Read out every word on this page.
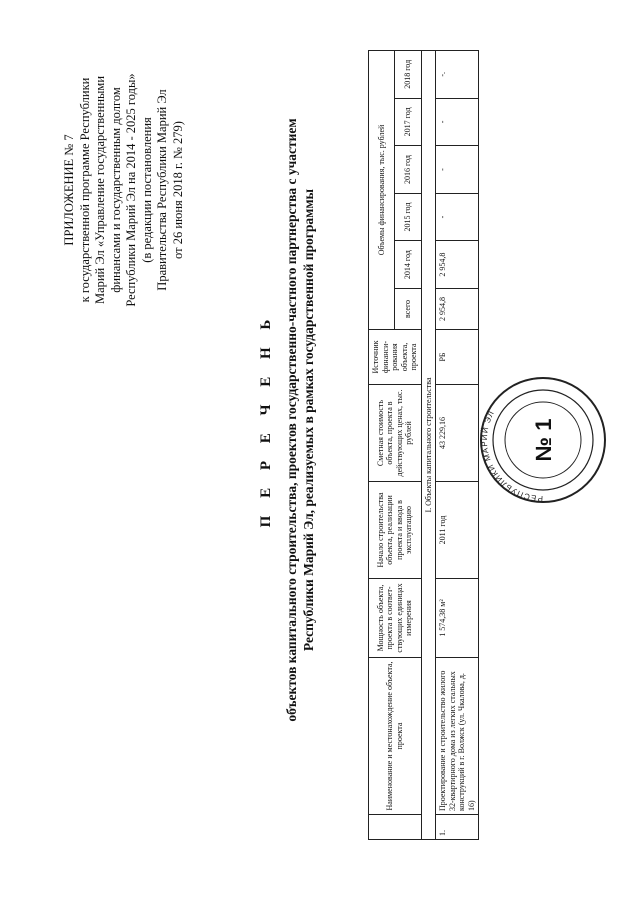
ПРИЛОЖЕНИЕ № 7 к государственной программе Республики Марий Эл «Управление государственными финансами и государственным долгом Республики Марий Эл на 2014 - 2025 годы» (в редакции постановления Правительства Республики Марий Эл от 26 июня 2018 г. № 279)
П Е Р Е Ч Е Н Ь объектов капитального строительства, проектов государственно-частного партнерства с участием Республики Марий Эл, реализуемых в рамках государственной программы
	Наименование и местонахождение объекта, проекта	Мощность объекта, проекта в соответ-ствующих единицах измерения	Начало строительства объекта, реализации проекта и ввода в эксплуатацию	Сметная стоимость объекта, проекта в действующих ценах, тыс. рублей	Источник финанси-рования объекта, проекта	Объемы финансирования, тыс. рублей					
						всего	2014 год	2015 год	2016 год	2017 год	2018 год
I. Объекты капитального строительства											
1.	Проектирование и строительство жилого 32-квартирного дома из легких стальных конструкций в г. Волжск (ул. Чкалова, д. 16)	1 574,38 м²	2011 год	43 229,16	РБ	2 954,8	2 954,8	-	-	-	-.
РЕСПУБЛИКИ МАРИЙ ЭЛ
№ 1
